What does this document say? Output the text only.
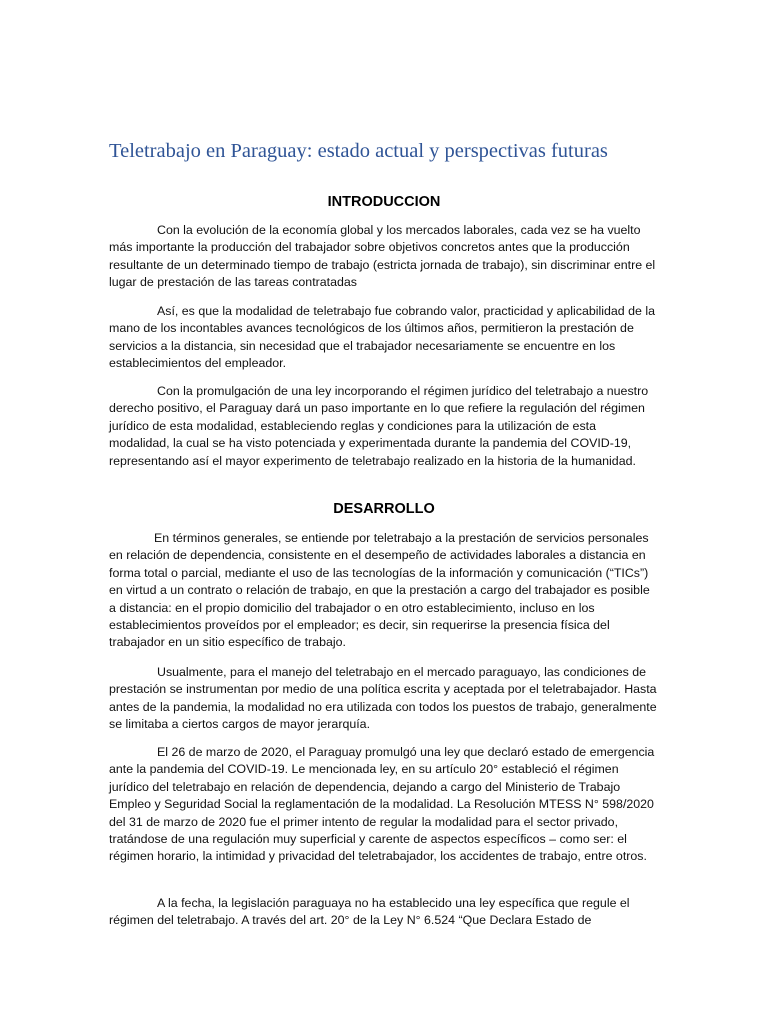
Teletrabajo en Paraguay: estado actual y perspectivas futuras
INTRODUCCION

Con la evolución de la economía global y los mercados laborales, cada vez se ha vuelto más importante la producción del trabajador sobre objetivos concretos antes que la producción resultante de un determinado tiempo de trabajo (estricta jornada de trabajo), sin discriminar entre el lugar de prestación de las tareas contratadas

Así, es que la modalidad de teletrabajo fue cobrando valor, practicidad y aplicabilidad de la mano de los incontables avances tecnológicos de los últimos años, permitieron la prestación de servicios a la distancia, sin necesidad que el trabajador necesariamente se encuentre en los establecimientos del empleador.

Con la promulgación de una ley incorporando el régimen jurídico del teletrabajo a nuestro derecho positivo, el Paraguay dará un paso importante en lo que refiere la regulación del régimen jurídico de esta modalidad, estableciendo reglas y condiciones para la utilización de esta modalidad, la cual se ha visto potenciada y experimentada durante la pandemia del COVID-19, representando así el mayor experimento de teletrabajo realizado en la historia de la humanidad.

DESARROLLO

En términos generales, se entiende por teletrabajo a la prestación de servicios personales en relación de dependencia, consistente en el desempeño de actividades laborales a distancia en forma total o parcial, mediante el uso de las tecnologías de la información y comunicación (“TICs”) en virtud a un contrato o relación de trabajo, en que la prestación a cargo del trabajador es posible a distancia: en el propio domicilio del trabajador o en otro establecimiento, incluso en los establecimientos proveídos por el empleador; es decir, sin requerirse la presencia física del trabajador en un sitio específico de trabajo.

Usualmente, para el manejo del teletrabajo en el mercado paraguayo, las condiciones de prestación se instrumentan por medio de una política escrita y aceptada por el teletrabajador. Hasta antes de la pandemia, la modalidad no era utilizada con todos los puestos de trabajo, generalmente se limitaba a ciertos cargos de mayor jerarquía.

El 26 de marzo de 2020, el Paraguay promulgó una ley que declaró estado de emergencia ante la pandemia del COVID-19. Le mencionada ley, en su artículo 20° estableció el régimen jurídico del teletrabajo en relación de dependencia, dejando a cargo del Ministerio de Trabajo Empleo y Seguridad Social la reglamentación de la modalidad. La Resolución MTESS N° 598/2020 del 31 de marzo de 2020 fue el primer intento de regular la modalidad para el sector privado, tratándose de una regulación muy superficial y carente de aspectos específicos – como ser: el régimen horario, la intimidad y privacidad del teletrabajador, los accidentes de trabajo, entre otros.

A la fecha, la legislación paraguaya no ha establecido una ley específica que regule el régimen del teletrabajo. A través del art. 20° de la Ley N° 6.524 “Que Declara Estado de
